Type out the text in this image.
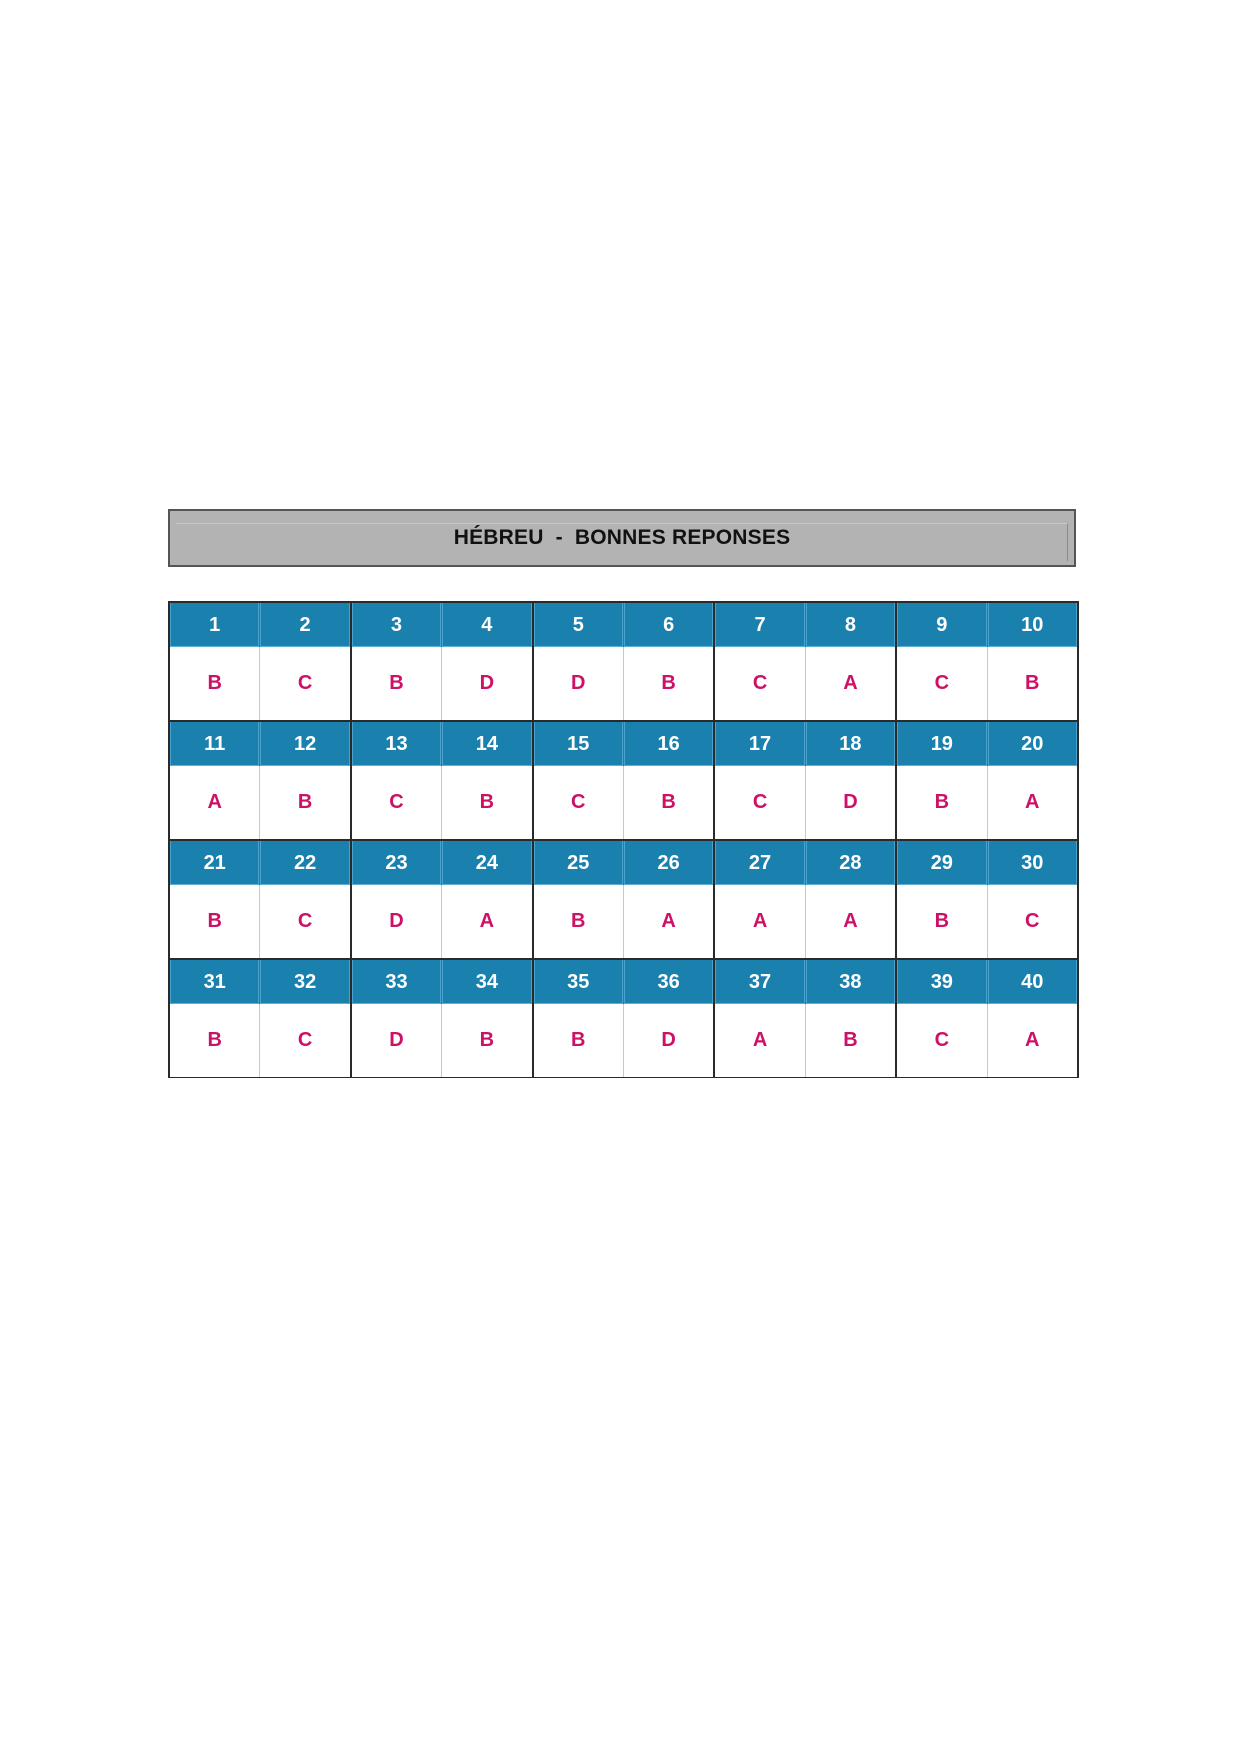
HÉBREU  -  BONNES REPONSES
1	2	3	4	5	6	7	8	9	10
B	C	B	D	D	B	C	A	C	B
11	12	13	14	15	16	17	18	19	20
A	B	C	B	C	B	C	D	B	A
21	22	23	24	25	26	27	28	29	30
B	C	D	A	B	A	A	A	B	C
31	32	33	34	35	36	37	38	39	40
B	C	D	B	B	D	A	B	C	A
